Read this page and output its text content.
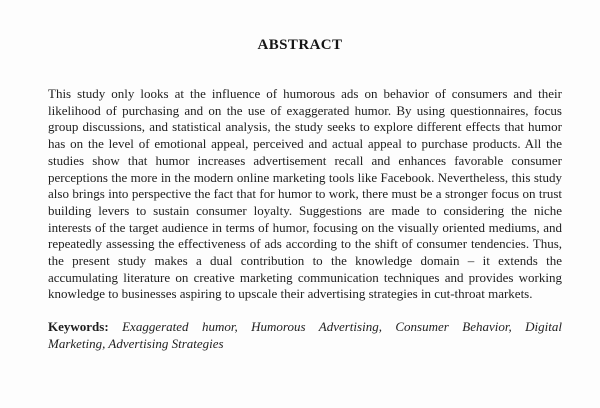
ABSTRACT
This study only looks at the influence of humorous ads on behavior of consumers and their likelihood of purchasing and on the use of exaggerated humor. By using questionnaires, focus group discussions, and statistical analysis, the study seeks to explore different effects that humor has on the level of emotional appeal, perceived and actual appeal to purchase products. All the studies show that humor increases advertisement recall and enhances favorable consumer perceptions the more in the modern online marketing tools like Facebook. Nevertheless, this study also brings into perspective the fact that for humor to work, there must be a stronger focus on trust building levers to sustain consumer loyalty. Suggestions are made to considering the niche interests of the target audience in terms of humor, focusing on the visually oriented mediums, and repeatedly assessing the effectiveness of ads according to the shift of consumer tendencies. Thus, the present study makes a dual contribution to the knowledge domain – it extends the accumulating literature on creative marketing communication techniques and provides working knowledge to businesses aspiring to upscale their advertising strategies in cut-throat markets.
Keywords: Exaggerated humor, Humorous Advertising, Consumer Behavior, Digital
Marketing, Advertising Strategies
